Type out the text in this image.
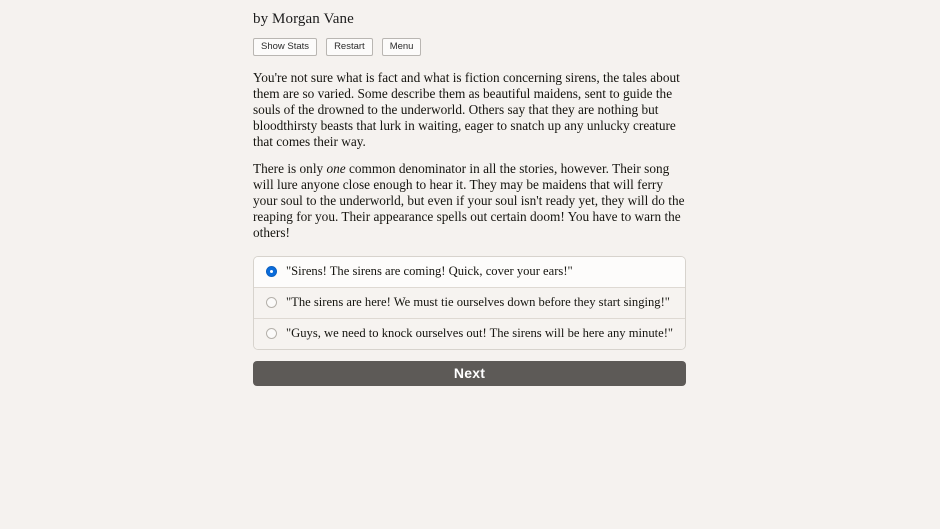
by Morgan Vane
Show Stats	Restart	Menu

You're not sure what is fact and what is fiction concerning sirens, the tales about them are so varied. Some describe them as beautiful maidens, sent to guide the souls of the drowned to the underworld. Others say that they are nothing but bloodthirsty beasts that lurk in waiting, eager to snatch up any unlucky creature that comes their way.

There is only one common denominator in all the stories, however. Their song will lure anyone close enough to hear it. They may be maidens that will ferry your soul to the underworld, but even if your soul isn't ready yet, they will do the reaping for you. Their appearance spells out certain doom! You have to warn the others!

"Sirens! The sirens are coming! Quick, cover your ears!"
"The sirens are here! We must tie ourselves down before they start singing!"
"Guys, we need to knock ourselves out! The sirens will be here any minute!"
Next
